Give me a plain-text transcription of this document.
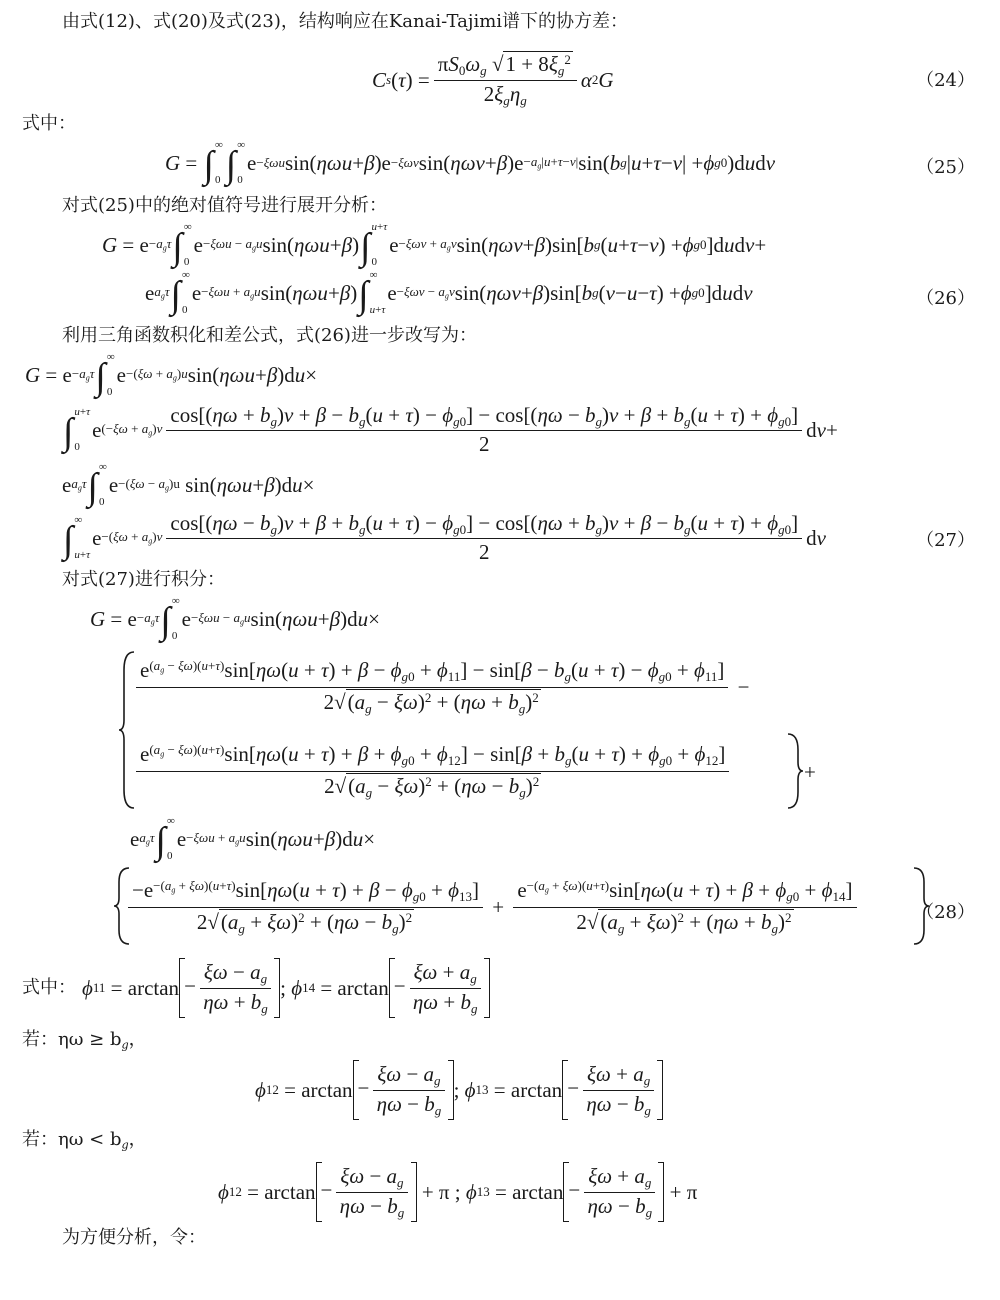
由式(12)、式(20)及式(23)，结构响应在Kanai-Tajimi谱下的协方差：
C s ( τ ) = $\frac{\pi S_0\omega_g √1 + 8\xi_g^2}{2\xi_g\eta_g}$ α 2 G	（24）
式中：
G = ∫ ∞
0 ∫ ∞
0
e −ξωu sin( ηωu + β )e −ξωv sin( ηωv + β )$e -a_g|u+\tau-v|$ sin( b g | u + τ − v | + ϕ g0 )d u d v	（25）
对式(25)中的绝对值符号进行展开分析：
$G = e -a_g\tau$ ∫ ∞
0
$e -\xi\omega u - a_gu$ sin( ηωu + β ) ∫ u+τ
0
$e -\xi\omega v + a_gv$ sin( ηωv + β )sin[ b g ( u + τ − v ) + ϕ g0 ]d u d v +
e $a_g\tau$ ∫ ∞
0
$e -\xi\omega u + a_gu$ sin( ηωu + β ) ∫ ∞
u+τ
$e -\xi\omega v - a_gv$ sin( ηωv + β )sin[ b g ( v − u − τ ) + ϕ g0 ]d u d v	（26）
利用三角函数积化和差公式，式(26)进一步改写为：
$G = e -a_g\tau$ ∫ ∞
0
$e -(\xi\omega + a_g)u$ sin( ηωu + β )d u ×
∫ u+τ
0
e $(-\xi\omega + a_g)v$
$\cos[(\eta\omega + b_g)v + \beta - b_g(u + \tau) - \phi_{g0}] - \cos[(\eta\omega - b_g)v + \beta + b_g(u + \tau) + \phi_{g0}]$
2
d v +
e $a_g\tau$ ∫ ∞
0
$e -(\xi\omega - a_g)u$ sin( ηωu + β )d u ×
∫ ∞
u+τ
$e -(\xi\omega + a_g)v$
$\cos[(\eta\omega - b_g)v + \beta + b_g(u + \tau) - \phi_{g0}] - \cos[(\eta\omega + b_g)v + \beta - b_g(u + \tau) + \phi_{g0}]$
2
d v	（27）
对式(27)进行积分：
$G = e -a_g\tau$ ∫ ∞
0
$e -\xi\omega u - a_gu$ sin( ηωu + β )d u ×
$e^{(a_g - \xi\omega)(u+\tau)}\sin[\eta\omega(u + \tau) + \beta - \phi_{g0} + \phi_{11}] - \sin[\beta - b_g(u + \tau) - \phi_{g0} + \phi_{11}]$
$2√(a_g - \xi\omega)^2 + (\eta\omega + b_g)^2$	−
$e^{(a_g - \xi\omega)(u+\tau)}\sin[\eta\omega(u + \tau) + \beta + \phi_{g0} + \phi_{12}] - \sin[\beta + b_g(u + \tau) + \phi_{g0} + \phi_{12}]$
$2√(a_g - \xi\omega)^2 + (\eta\omega - b_g)^2$	+
e $a_g\tau$ ∫ ∞
0
$e -\xi\omega u + a_gu$ sin( ηωu + β )d u ×
$\frac{-e^{-(a_g + \xi\omega)(u+\tau)}\sin[\eta\omega(u + \tau) + \beta - \phi_{g0} + \phi_{13}]}{2√(a_g + \xi\omega)^2 + (\eta\omega - b_g)^2} + \frac{e^{-(a_g + \xi\omega)(u+\tau)}\sin[\eta\omega(u + \tau) + \beta + \phi_{g0} + \phi_{14}]}{2√(a_g + \xi\omega)^2 + (\eta\omega + b_g)^2}$	（28）
式中： ϕ $11 = \arctan - \frac{\xi\omega - a_g}{\eta\omega + b_g}$ ; ϕ $14 = \arctan - \frac{\xi\omega + a_g}{\eta\omega + b_g}$
若：$\eta\omega \ge b_g$，
ϕ $12 = \arctan - \frac{\xi\omega - a_g}{\eta\omega - b_g}$ ; ϕ $13 = \arctan - \frac{\xi\omega + a_g}{\eta\omega - b_g}$
若：$\eta\omega < b_g$，
ϕ $12 = \arctan - \frac{\xi\omega - a_g}{\eta\omega - b_g} + \pi$ ; ϕ $13 = \arctan - \frac{\xi\omega + a_g}{\eta\omega - b_g} + \pi$
为方便分析，令：
